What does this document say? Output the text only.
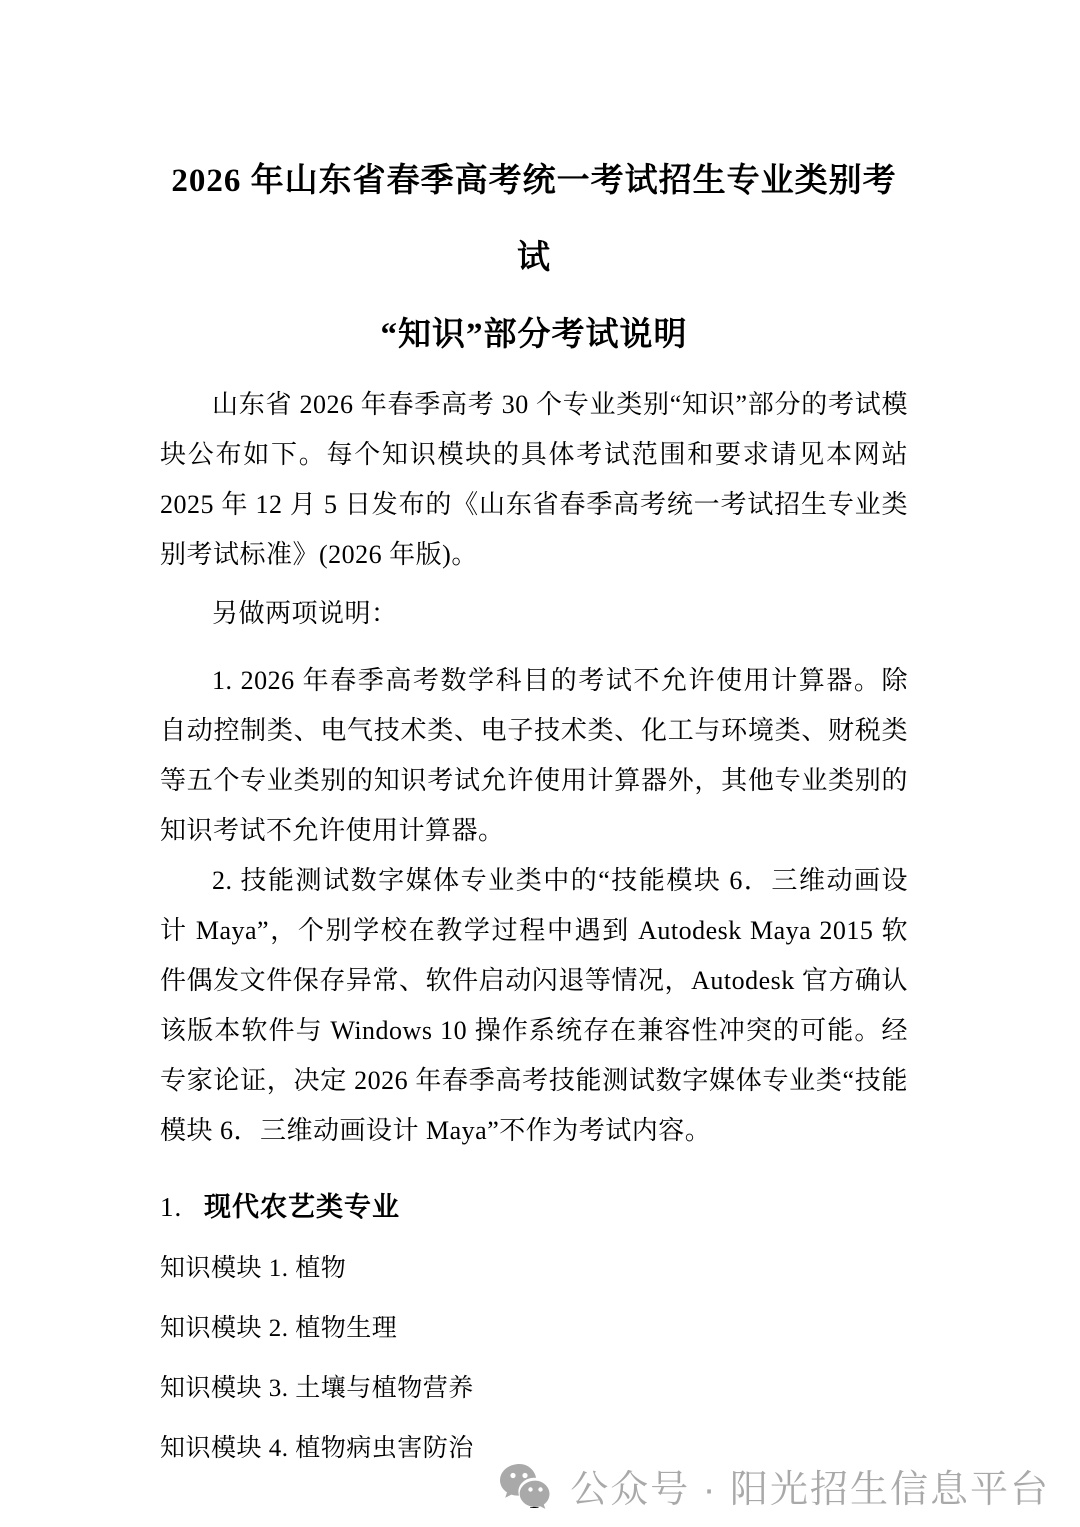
2026 年山东省春季高考统一考试招生专业类别考试
“知识”部分考试说明

山东省 2026 年春季高考 30 个专业类别“知识”部分的考试模块公布如下。每个知识模块的具体考试范围和要求请见本网站 2025 年 12 月 5 日发布的《山东省春季高考统一考试招生专业类别考试标准》(2026 年版)。

另做两项说明：

1. 2026 年春季高考数学科目的考试不允许使用计算器。除自动控制类、电气技术类、电子技术类、化工与环境类、财税类等五个专业类别的知识考试允许使用计算器外，其他专业类别的知识考试不允许使用计算器。

2. 技能测试数字媒体专业类中的“技能模块 6．三维动画设计 Maya”，个别学校在教学过程中遇到 Autodesk Maya 2015 软件偶发文件保存异常、软件启动闪退等情况，Autodesk 官方确认该版本软件与 Windows 10 操作系统存在兼容性冲突的可能。经专家论证，决定 2026 年春季高考技能测试数字媒体专业类“技能模块 6．三维动画设计 Maya”不作为考试内容。

1. 现代农艺类专业
知识模块 1. 植物
知识模块 2. 植物生理
知识模块 3. 土壤与植物营养
知识模块 4. 植物病虫害防治

公众号 · 阳光招生信息平台
